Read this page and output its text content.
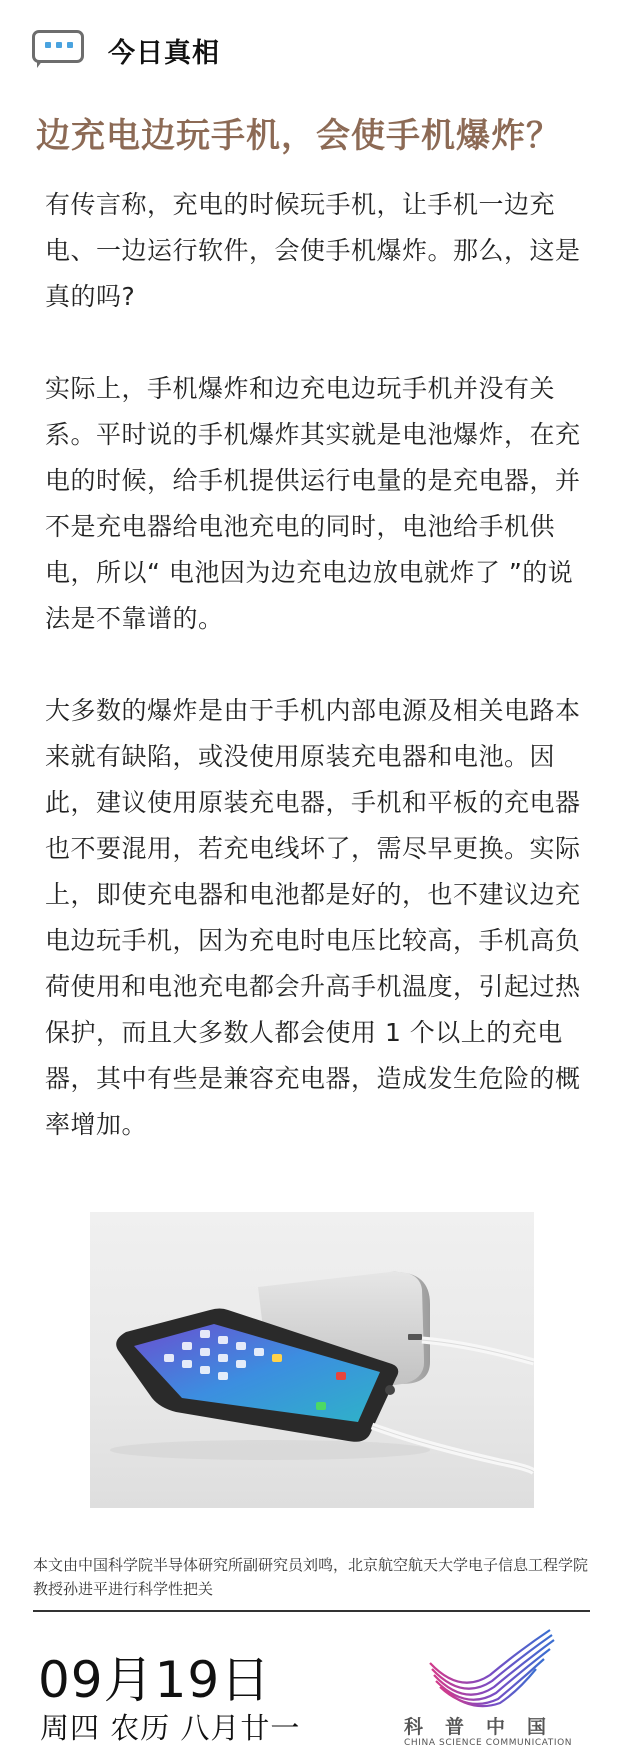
今日真相
边充电边玩手机，会使手机爆炸？

有传言称，充电的时候玩手机，让手机一边充电、一边运行软件，会使手机爆炸。那么，这是真的吗?

实际上，手机爆炸和边充电边玩手机并没有关系。平时说的手机爆炸其实就是电池爆炸，在充电的时候，给手机提供运行电量的是充电器，并不是充电器给电池充电的同时，电池给手机供电，所以“ 电池因为边充电边放电就炸了 ”的说法是不靠谱的。

大多数的爆炸是由于手机内部电源及相关电路本来就有缺陷，或没使用原装充电器和电池。因此，建议使用原装充电器，手机和平板的充电器也不要混用，若充电线坏了，需尽早更换。实际上，即使充电器和电池都是好的，也不建议边充电边玩手机，因为充电时电压比较高，手机高负荷使用和电池充电都会升高手机温度，引起过热保护，而且大多数人都会使用 1 个以上的充电器，其中有些是兼容充电器，造成发生危险的概率增加。

本文由中国科学院半导体研究所副研究员刘鸣，北京航空航天大学电子信息工程学院教授孙进平进行科学性把关
09月19日
周四 农历 八月廿一	科普中国
CHINA SCIENCE COMMUNICATION
